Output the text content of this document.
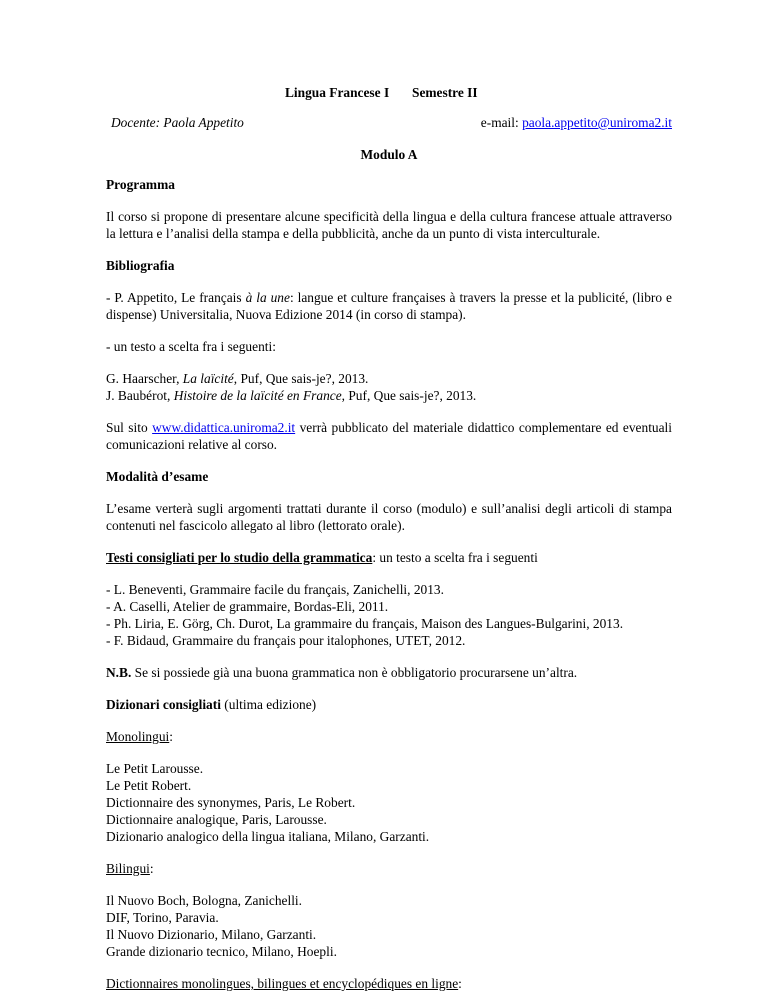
Lingua Francese I Semestre II
Docente: Paola Appetito	e-mail: paola.appetito@uniroma2.it
Modulo A

Programma

Il corso si propone di presentare alcune specificità della lingua e della cultura francese attuale attraverso la lettura e l’analisi della stampa e della pubblicità, anche da un punto di vista interculturale.

Bibliografia

- P. Appetito, Le français à la une: langue et culture françaises à travers la presse et la publicité, (libro e dispense) Universitalia, Nuova Edizione 2014 (in corso di stampa).

- un testo a scelta fra i seguenti:

G. Haarscher, La laïcité, Puf, Que sais-je?, 2013.
J. Baubérot, Histoire de la laïcité en France, Puf, Que sais-je?, 2013.

Sul sito www.didattica.uniroma2.it verrà pubblicato del materiale didattico complementare ed eventuali comunicazioni relative al corso.

Modalità d’esame

L’esame verterà sugli argomenti trattati durante il corso (modulo) e sull’analisi degli articoli di stampa contenuti nel fascicolo allegato al libro (lettorato orale).

Testi consigliati per lo studio della grammatica: un testo a scelta fra i seguenti

- L. Beneventi, Grammaire facile du français, Zanichelli, 2013.
- A. Caselli, Atelier de grammaire, Bordas-Eli, 2011.
- Ph. Liria, E. Görg, Ch. Durot, La grammaire du français, Maison des Langues-Bulgarini, 2013.
- F. Bidaud, Grammaire du français pour italophones, UTET, 2012.

N.B. Se si possiede già una buona grammatica non è obbligatorio procurarsene un’altra.

Dizionari consigliati (ultima edizione)

Monolingui:

Le Petit Larousse.
Le Petit Robert.
Dictionnaire des synonymes, Paris, Le Robert.
Dictionnaire analogique, Paris, Larousse.
Dizionario analogico della lingua italiana, Milano, Garzanti.

Bilingui:

Il Nuovo Boch, Bologna, Zanichelli.
DIF, Torino, Paravia.
Il Nuovo Dizionario, Milano, Garzanti.
Grande dizionario tecnico, Milano, Hoepli.

Dictionnaires monolingues, bilingues et encyclopédiques en ligne:
